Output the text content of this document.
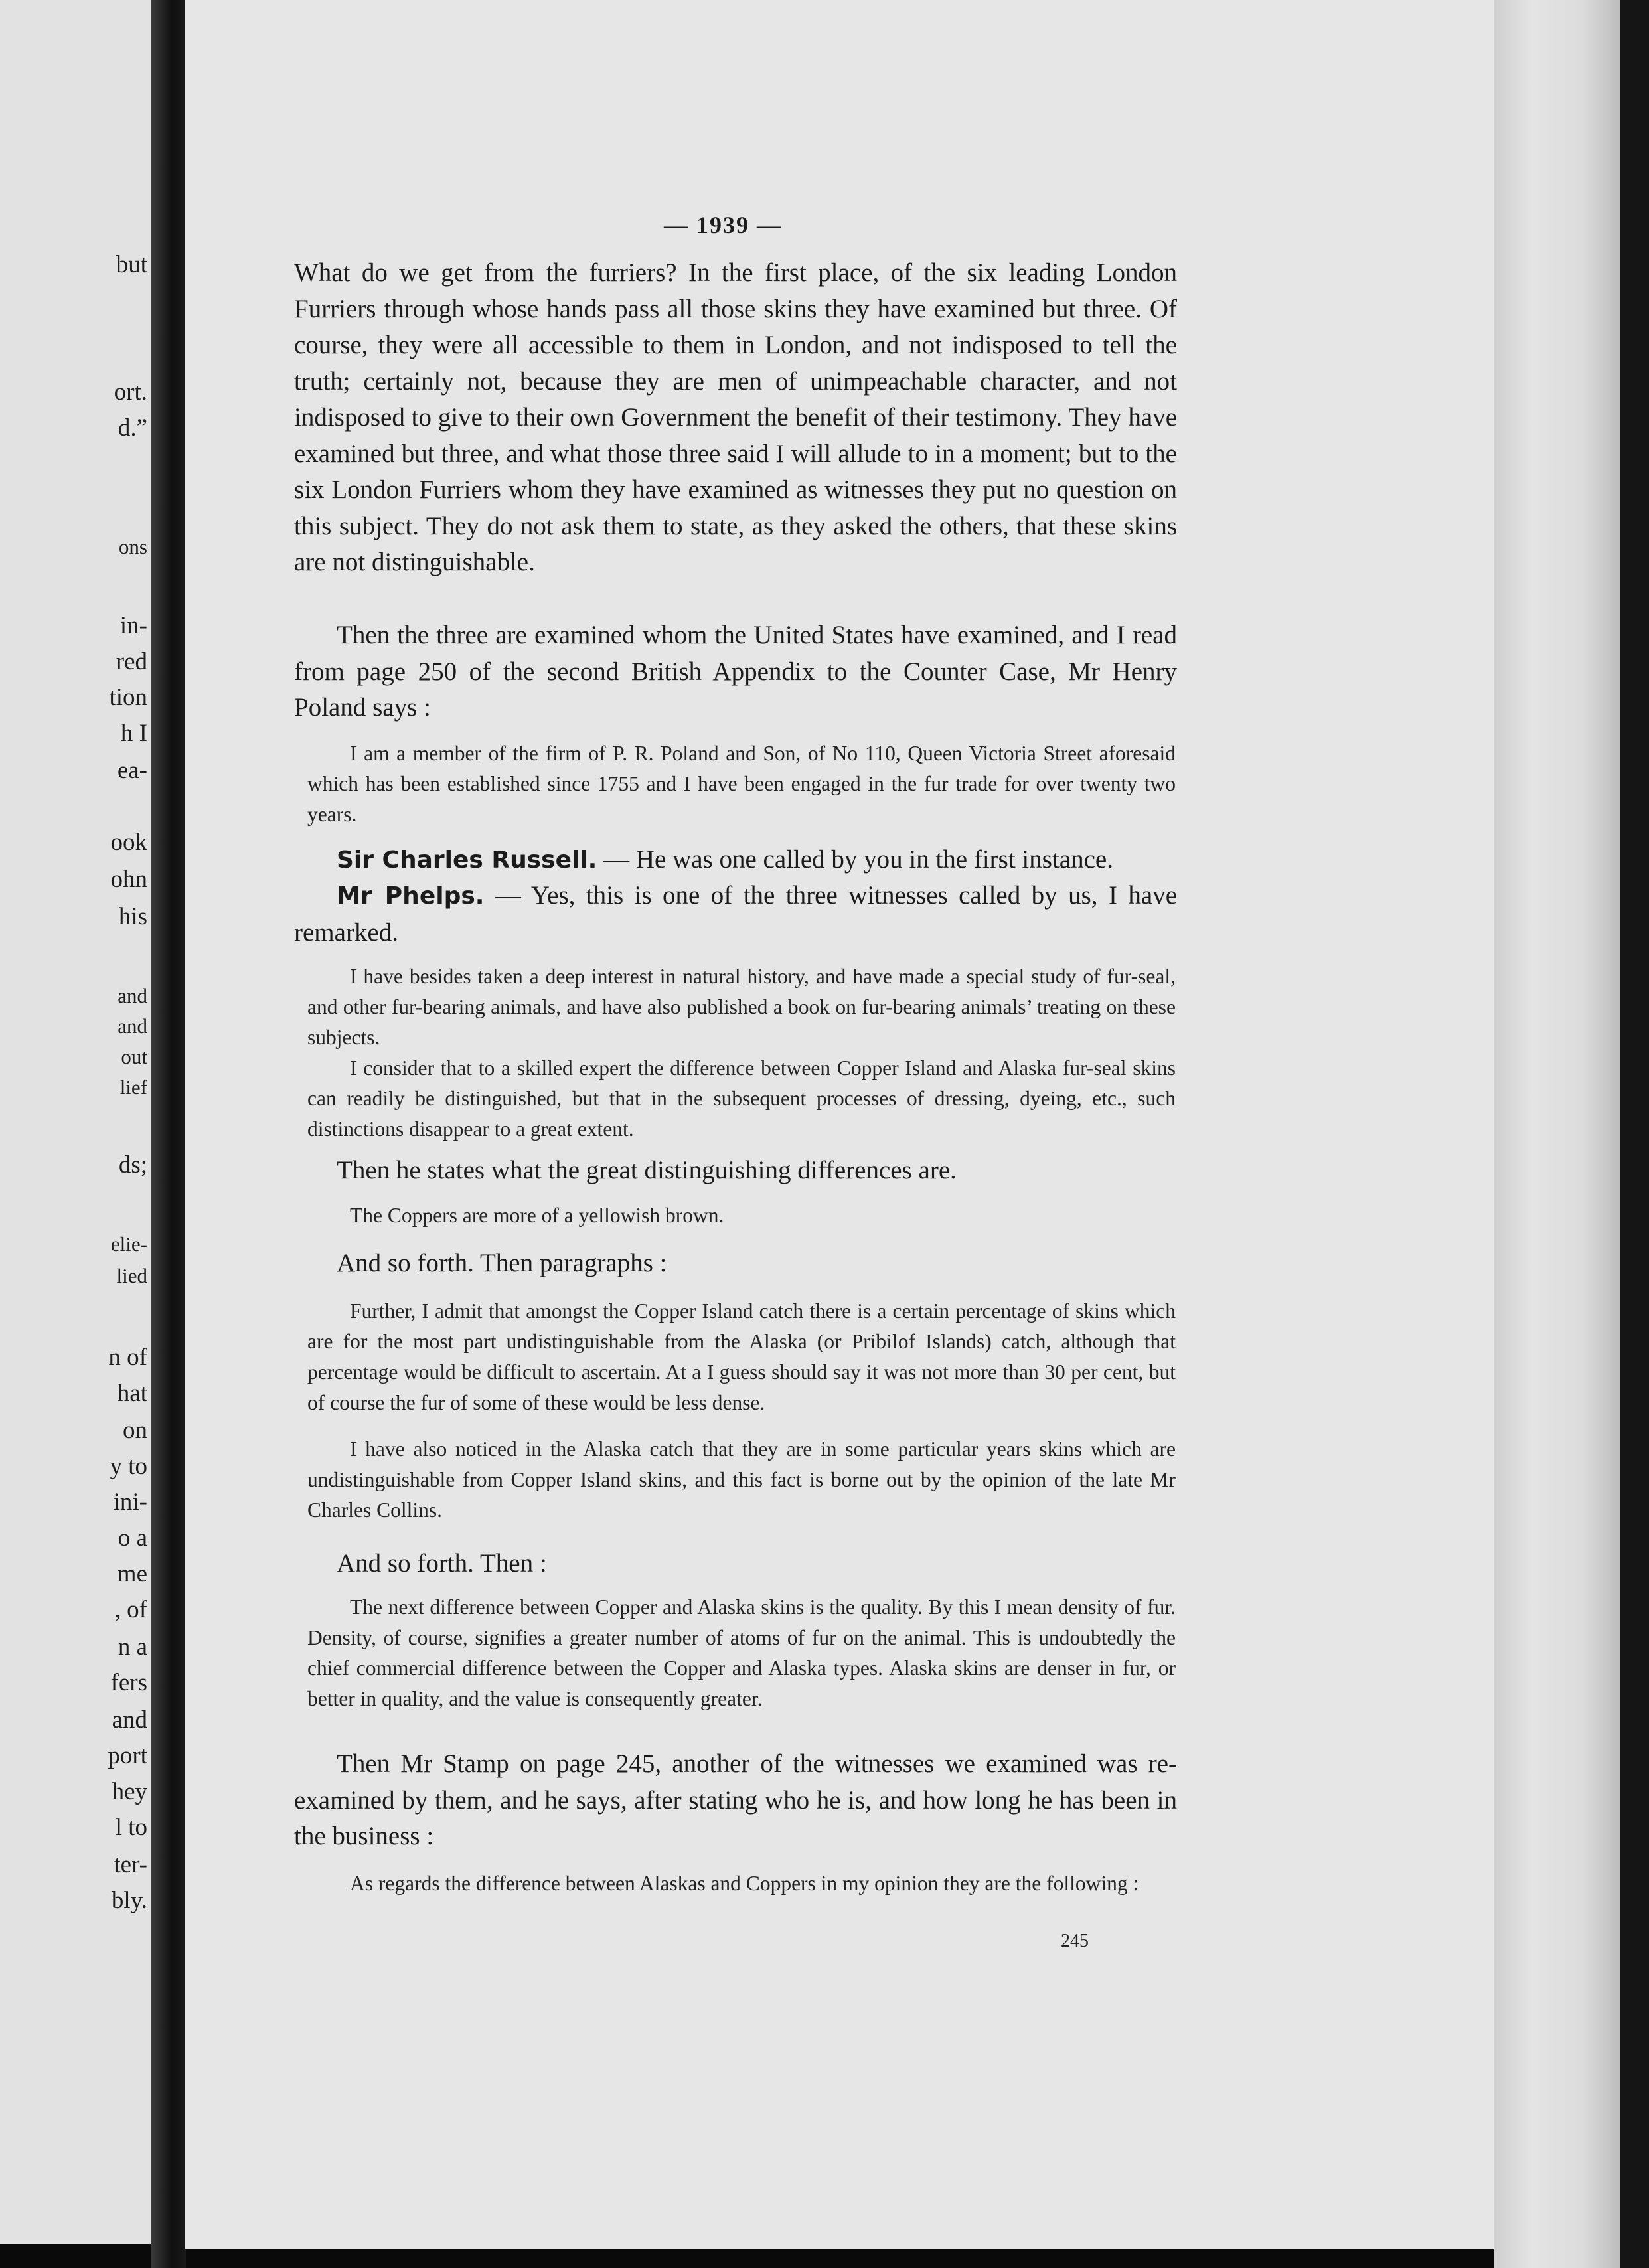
but
ort.
d.”
ons
in-
red
tion
h I
ea-
ook
ohn
his
and
and
out
lief
ds;
elie-
lied
n of
hat
on
y to
ini-
o a
me
, of
n a
fers
and
port
hey
l to
ter-
bly.
— 1939 —

What do we get from the furriers? In the first place, of the six leading London Furriers through whose hands pass all those skins they have examined but three. Of course, they were all accessible to them in London, and not indisposed to tell the truth; certainly not, because they are men of unimpeachable character, and not indisposed to give to their own Government the benefit of their testimony. They have examined but three, and what those three said I will allude to in a moment; but to the six London Furriers whom they have examined as witnesses they put no question on this subject. They do not ask them to state, as they asked the others, that these skins are not distinguishable.

Then the three are examined whom the United States have examined, and I read from page 250 of the second British Appendix to the Counter Case, Mr Henry Poland says :

I am a member of the firm of P. R. Poland and Son, of No 110, Queen Victoria Street aforesaid which has been established since 1755 and I have been engaged in the fur trade for over twenty two years.

Sir Charles Russell. — He was one called by you in the first instance.

Mr Phelps. — Yes, this is one of the three witnesses called by us, I have remarked.

I have besides taken a deep interest in natural history, and have made a special study of fur-seal, and other fur-bearing animals, and have also published a book on fur-bearing animals’ treating on these subjects.

I consider that to a skilled expert the difference between Copper Island and Alaska fur-seal skins can readily be distinguished, but that in the subsequent processes of dressing, dyeing, etc., such distinctions disappear to a great extent.

Then he states what the great distinguishing differences are.

The Coppers are more of a yellowish brown.

And so forth. Then paragraphs :

Further, I admit that amongst the Copper Island catch there is a certain percentage of skins which are for the most part undistinguishable from the Alaska (or Pribilof Islands) catch, although that percentage would be difficult to ascertain. At a I guess should say it was not more than 30 per cent, but of course the fur of some of these would be less dense.

I have also noticed in the Alaska catch that they are in some particular years skins which are undistinguishable from Copper Island skins, and this fact is borne out by the opinion of the late Mr Charles Collins.

And so forth. Then :

The next difference between Copper and Alaska skins is the quality. By this I mean density of fur. Density, of course, signifies a greater number of atoms of fur on the animal. This is undoubtedly the chief commercial difference between the Copper and Alaska types. Alaska skins are denser in fur, or better in quality, and the value is consequently greater.

Then Mr Stamp on page 245, another of the witnesses we examined was re-examined by them, and he says, after stating who he is, and how long he has been in the business :

As regards the difference between Alaskas and Coppers in my opinion they are the following :

245
